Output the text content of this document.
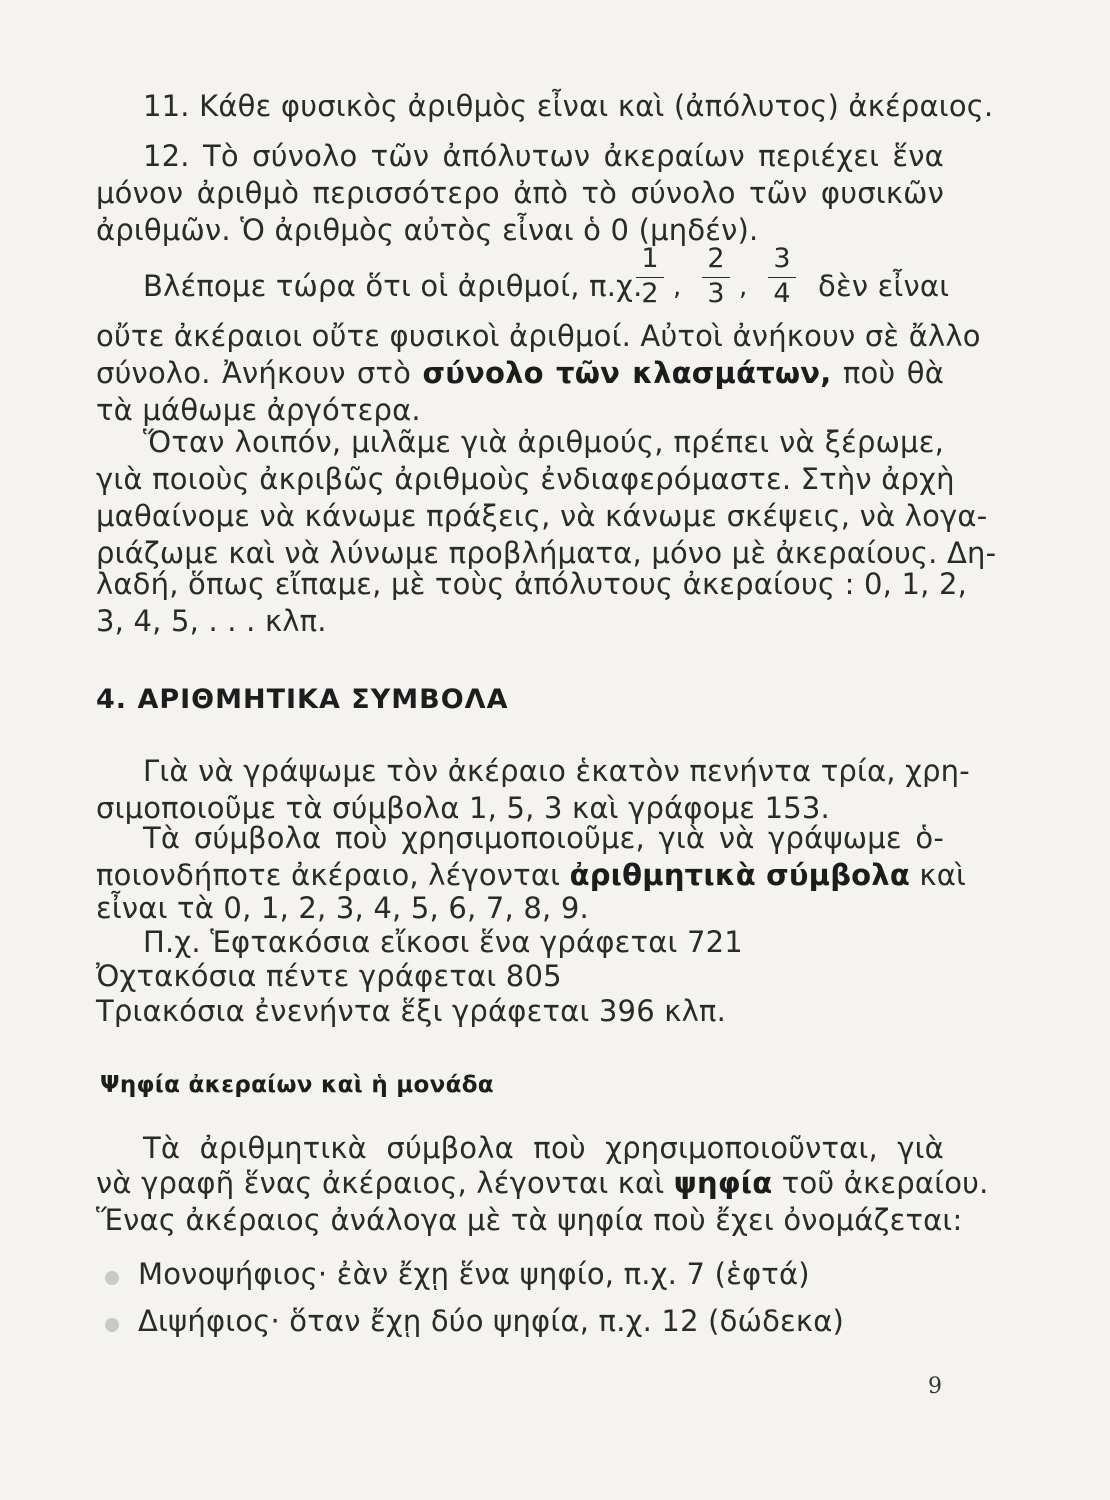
11. Κάθε φυσικὸς ἀριθμὸς εἶναι καὶ (ἀπόλυτος) ἀκέραιος.
12. Τὸ σύνολο τῶν ἀπόλυτων ἀκεραίων περιέχει ἕνα
μόνον ἀριθμὸ περισσότερο ἀπὸ τὸ σύνολο τῶν φυσικῶν
ἀριθμῶν. Ὁ ἀριθμὸς αὐτὸς εἶναι ὁ 0 (μηδέν).
Βλέπομε τώρα ὅτι οἱ ἀριθμοί, π.χ.
1
2 ,
2
3 ,
3
4 δὲν εἶναι
οὔτε ἀκέραιοι οὔτε φυσικοὶ ἀριθμοί. Αὐτοὶ ἀνήκουν σὲ ἄλλο
σύνολο. Ἀνήκουν στὸ σύνολο τῶν κλασμάτων, ποὺ θὰ
τὰ μάθωμε ἀργότερα.
Ὅταν λοιπόν, μιλᾶμε γιὰ ἀριθμούς, πρέπει νὰ ξέρωμε,
γιὰ ποιοὺς ἀκριβῶς ἀριθμοὺς ἐνδιαφερόμαστε. Στὴν ἀρχὴ
μαθαίνομε νὰ κάνωμε πράξεις, νὰ κάνωμε σκέψεις, νὰ λογα-
ριάζωμε καὶ νὰ λύνωμε προβλήματα, μόνο μὲ ἀκεραίους. Δη-
λαδή, ὅπως εἴπαμε, μὲ τοὺς ἀπόλυτους ἀκεραίους : 0, 1, 2,
3, 4, 5, . . . κλπ.
4. ΑΡΙΘΜΗΤΙΚΑ ΣΥΜΒΟΛΑ
Γιὰ νὰ γράψωμε τὸν ἀκέραιο ἑκατὸν πενήντα τρία, χρη-
σιμοποιοῦμε τὰ σύμβολα 1, 5, 3 καὶ γράφομε 153.
Τὰ σύμβολα ποὺ χρησιμοποιοῦμε, γιὰ νὰ γράψωμε ὁ-
ποιονδήποτε ἀκέραιο, λέγονται ἀριθμητικὰ σύμβολα καὶ
εἶναι τὰ 0, 1, 2, 3, 4, 5, 6, 7, 8, 9.
Π.χ. Ἑφτακόσια εἴκοσι ἕνα γράφεται 721
Ὀχτακόσια πέντε γράφεται 805
Τριακόσια ἐνενήντα ἕξι γράφεται 396 κλπ.
Ψηφία ἀκεραίων καὶ ἡ μονάδα
Τὰ ἀριθμητικὰ σύμβολα ποὺ χρησιμοποιοῦνται, γιὰ
νὰ γραφῆ ἕνας ἀκέραιος, λέγονται καὶ ψηφία τοῦ ἀκεραίου.
Ἕνας ἀκέραιος ἀνάλογα μὲ τὰ ψηφία ποὺ ἔχει ὀνομάζεται:
Μονοψήφιος· ἐὰν ἔχῃ ἕνα ψηφίο, π.χ. 7 (ἑφτά)
Διψήφιος· ὅταν ἔχῃ δύο ψηφία, π.χ. 12 (δώδεκα)
9
